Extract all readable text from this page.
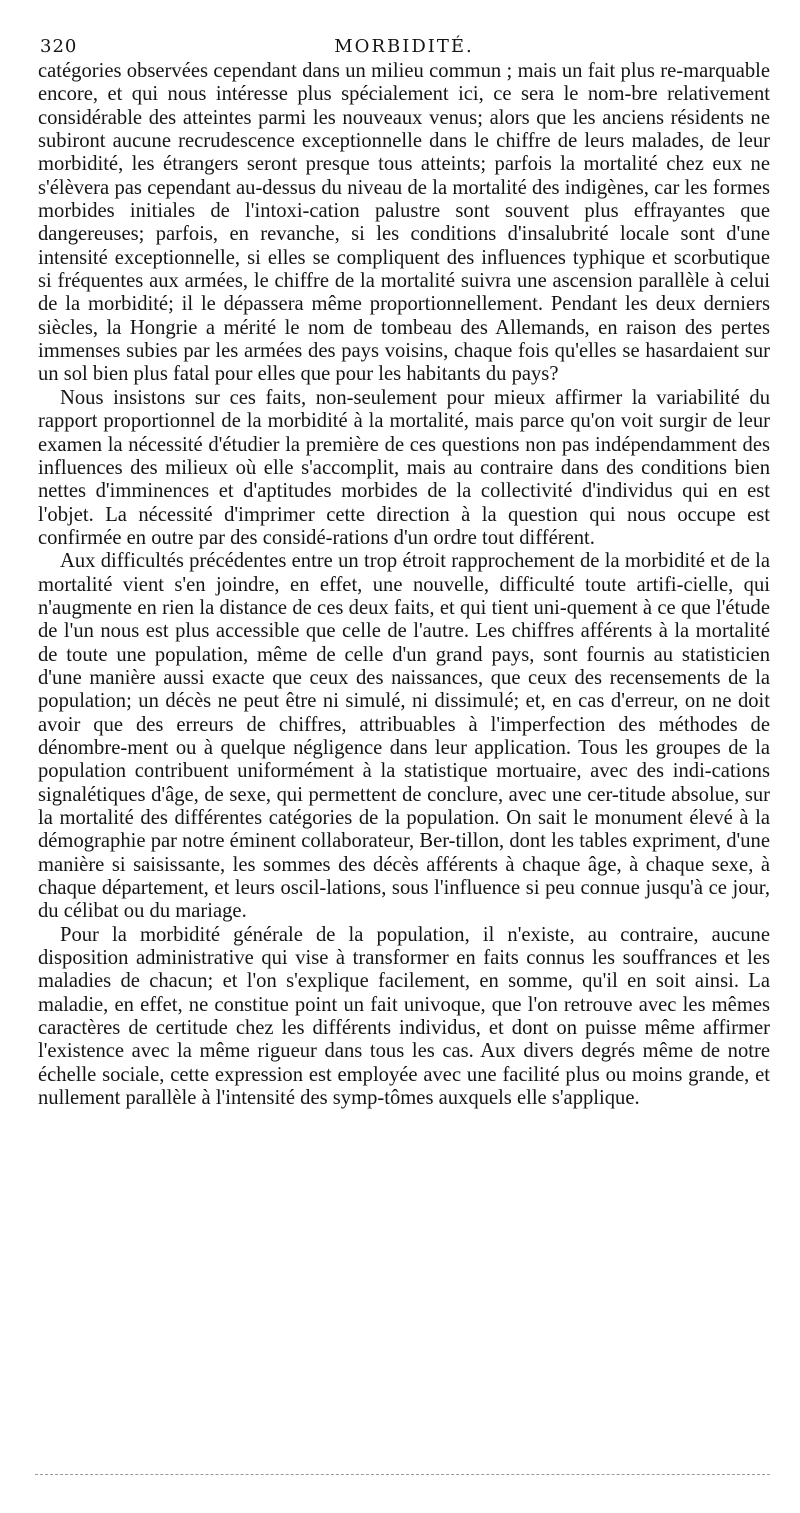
320	MORBIDITÉ.

catégories observées cependant dans un milieu commun ; mais un fait plus re-marquable encore, et qui nous intéresse plus spécialement ici, ce sera le nom-bre relativement considérable des atteintes parmi les nouveaux venus; alors que les anciens résidents ne subiront aucune recrudescence exceptionnelle dans le chiffre de leurs malades, de leur morbidité, les étrangers seront presque tous atteints; parfois la mortalité chez eux ne s'élèvera pas cependant au-dessus du niveau de la mortalité des indigènes, car les formes morbides initiales de l'intoxi-cation palustre sont souvent plus effrayantes que dangereuses; parfois, en revanche, si les conditions d'insalubrité locale sont d'une intensité exceptionnelle, si elles se compliquent des influences typhique et scorbutique si fréquentes aux armées, le chiffre de la mortalité suivra une ascension parallèle à celui de la morbidité; il le dépassera même proportionnellement. Pendant les deux derniers siècles, la Hongrie a mérité le nom de tombeau des Allemands, en raison des pertes immenses subies par les armées des pays voisins, chaque fois qu'elles se hasardaient sur un sol bien plus fatal pour elles que pour les habitants du pays?

Nous insistons sur ces faits, non-seulement pour mieux affirmer la variabilité du rapport proportionnel de la morbidité à la mortalité, mais parce qu'on voit surgir de leur examen la nécessité d'étudier la première de ces questions non pas indépendamment des influences des milieux où elle s'accomplit, mais au contraire dans des conditions bien nettes d'imminences et d'aptitudes morbides de la collectivité d'individus qui en est l'objet. La nécessité d'imprimer cette direction à la question qui nous occupe est confirmée en outre par des considé-rations d'un ordre tout différent.

Aux difficultés précédentes entre un trop étroit rapprochement de la morbidité et de la mortalité vient s'en joindre, en effet, une nouvelle, difficulté toute artifi-cielle, qui n'augmente en rien la distance de ces deux faits, et qui tient uni-quement à ce que l'étude de l'un nous est plus accessible que celle de l'autre. Les chiffres afférents à la mortalité de toute une population, même de celle d'un grand pays, sont fournis au statisticien d'une manière aussi exacte que ceux des naissances, que ceux des recensements de la population; un décès ne peut être ni simulé, ni dissimulé; et, en cas d'erreur, on ne doit avoir que des erreurs de chiffres, attribuables à l'imperfection des méthodes de dénombre-ment ou à quelque négligence dans leur application. Tous les groupes de la population contribuent uniformément à la statistique mortuaire, avec des indi-cations signalétiques d'âge, de sexe, qui permettent de conclure, avec une cer-titude absolue, sur la mortalité des différentes catégories de la population. On sait le monument élevé à la démographie par notre éminent collaborateur, Ber-tillon, dont les tables expriment, d'une manière si saisissante, les sommes des décès afférents à chaque âge, à chaque sexe, à chaque département, et leurs oscil-lations, sous l'influence si peu connue jusqu'à ce jour, du célibat ou du mariage.

Pour la morbidité générale de la population, il n'existe, au contraire, aucune disposition administrative qui vise à transformer en faits connus les souffrances et les maladies de chacun; et l'on s'explique facilement, en somme, qu'il en soit ainsi. La maladie, en effet, ne constitue point un fait univoque, que l'on retrouve avec les mêmes caractères de certitude chez les différents individus, et dont on puisse même affirmer l'existence avec la même rigueur dans tous les cas. Aux divers degrés même de notre échelle sociale, cette expression est employée avec une facilité plus ou moins grande, et nullement parallèle à l'intensité des symp-tômes auxquels elle s'applique.
